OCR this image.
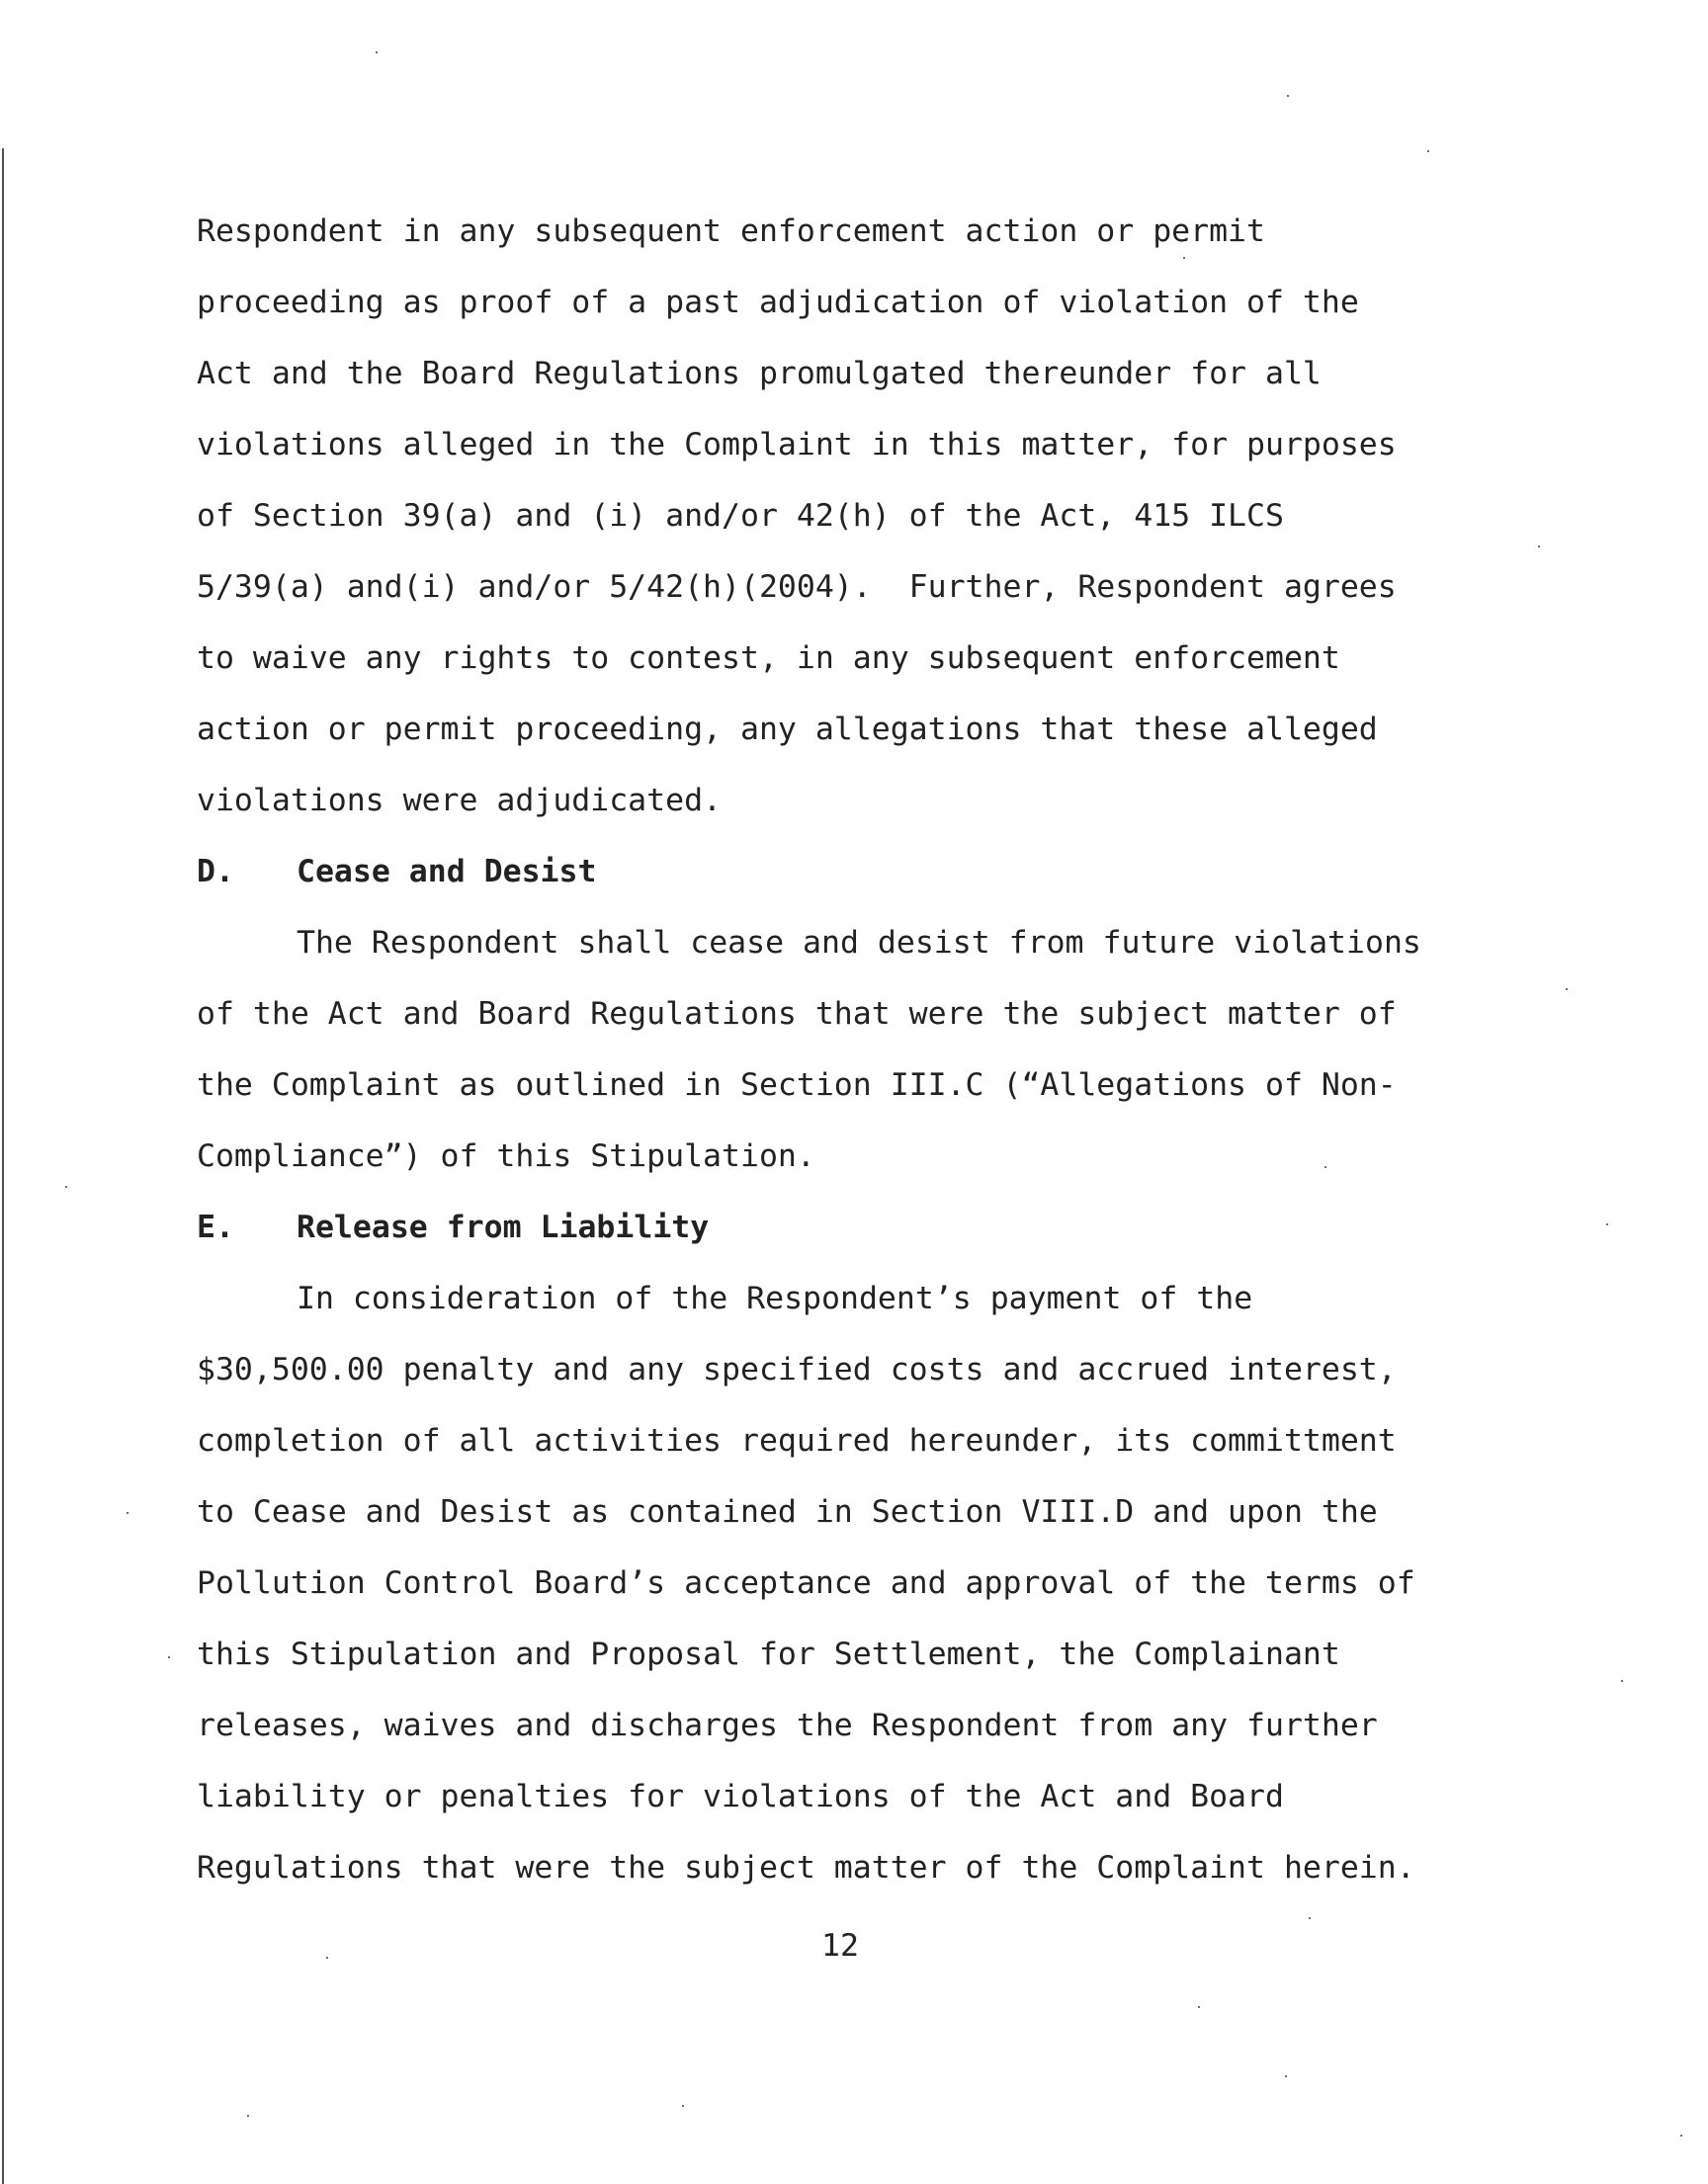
Respondent in any subsequent enforcement action or permit

proceeding as proof of a past adjudication of violation of the

Act and the Board Regulations promulgated thereunder for all

violations alleged in the Complaint in this matter, for purposes

of Section 39(a) and (i) and/or 42(h) of the Act, 415 ILCS

5/39(a) and(i) and/or 5/42(h)(2004).  Further, Respondent agrees

to waive any rights to contest, in any subsequent enforcement

action or permit proceeding, any allegations that these alleged

violations were adjudicated.

D.	Cease and Desist

The Respondent shall cease and desist from future violations

of the Act and Board Regulations that were the subject matter of

the Complaint as outlined in Section III.C (“Allegations of Non-

Compliance”) of this Stipulation.

E.	Release from Liability

In consideration of the Respondent’s payment of the

$30,500.00 penalty and any specified costs and accrued interest,

completion of all activities required hereunder, its committment

to Cease and Desist as contained in Section VIII.D and upon the

Pollution Control Board’s acceptance and approval of the terms of

this Stipulation and Proposal for Settlement, the Complainant

releases, waives and discharges the Respondent from any further

liability or penalties for violations of the Act and Board

Regulations that were the subject matter of the Complaint herein.

12
